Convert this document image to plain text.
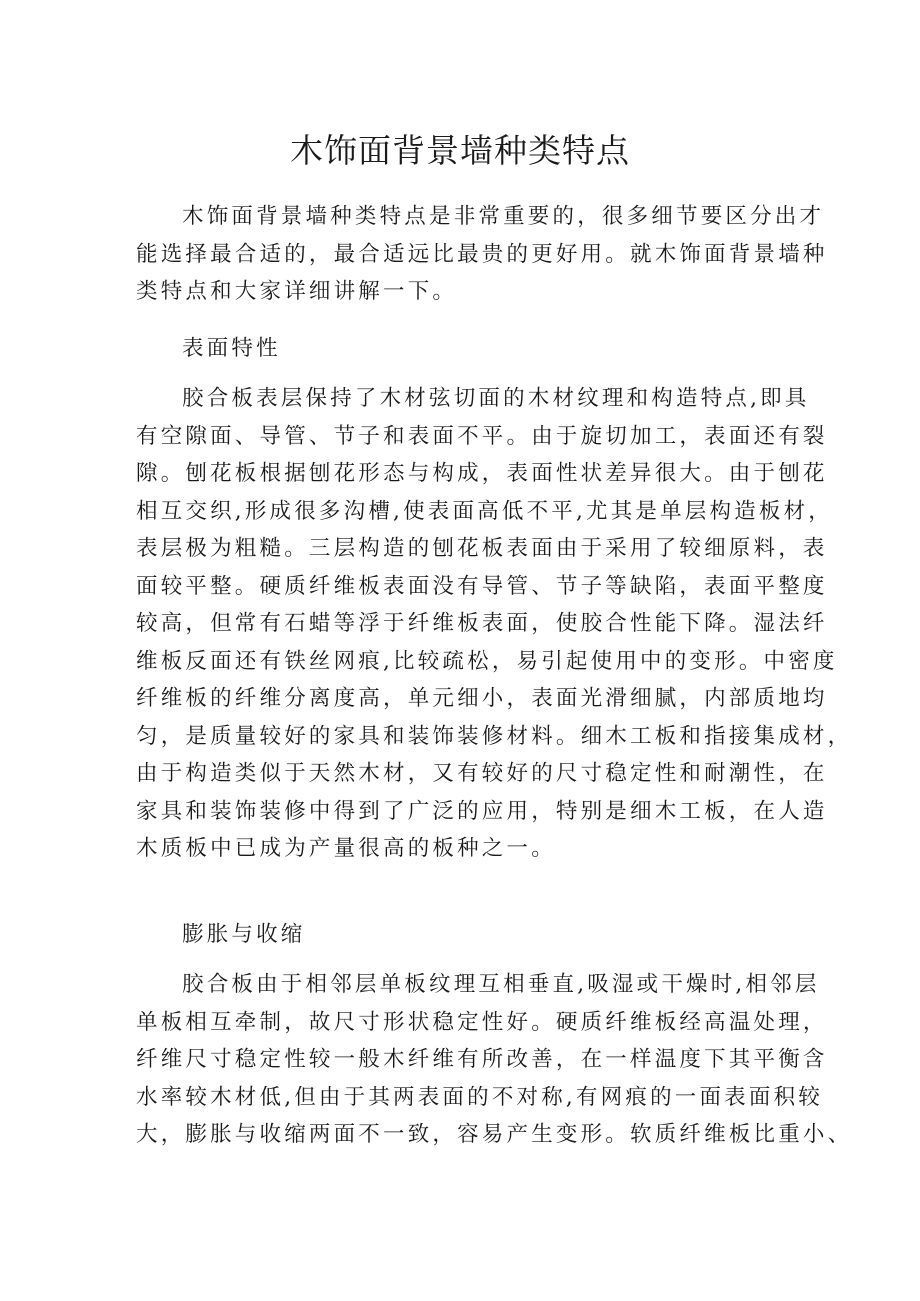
木饰面背景墙种类特点
木饰面背景墙种类特点是非常重要的，很多细节要区分出才
能选择最合适的，最合适远比最贵的更好用。就木饰面背景墙种
类特点和大家详细讲解一下。
表面特性
胶合板表层保持了木材弦切面的木材纹理和构造特点,即具
有空隙面、导管、节子和表面不平。由于旋切加工，表面还有裂
隙。刨花板根据刨花形态与构成，表面性状差异很大。由于刨花
相互交织,形成很多沟槽,使表面高低不平,尤其是单层构造板材，
表层极为粗糙。三层构造的刨花板表面由于采用了较细原料，表
面较平整。硬质纤维板表面没有导管、节子等缺陷，表面平整度
较高，但常有石蜡等浮于纤维板表面，使胶合性能下降。湿法纤
维板反面还有铁丝网痕,比较疏松，易引起使用中的变形。中密度
纤维板的纤维分离度高，单元细小，表面光滑细腻，内部质地均
匀，是质量较好的家具和装饰装修材料。细木工板和指接集成材，
由于构造类似于天然木材，又有较好的尺寸稳定性和耐潮性，在
家具和装饰装修中得到了广泛的应用，特别是细木工板，在人造
木质板中已成为产量很高的板种之一。
膨胀与收缩
胶合板由于相邻层单板纹理互相垂直,吸湿或干燥时,相邻层
单板相互牵制，故尺寸形状稳定性好。硬质纤维板经高温处理，
纤维尺寸稳定性较一般木纤维有所改善，在一样温度下其平衡含
水率较木材低,但由于其两表面的不对称,有网痕的一面表面积较
大，膨胀与收缩两面不一致，容易产生变形。软质纤维板比重小、
